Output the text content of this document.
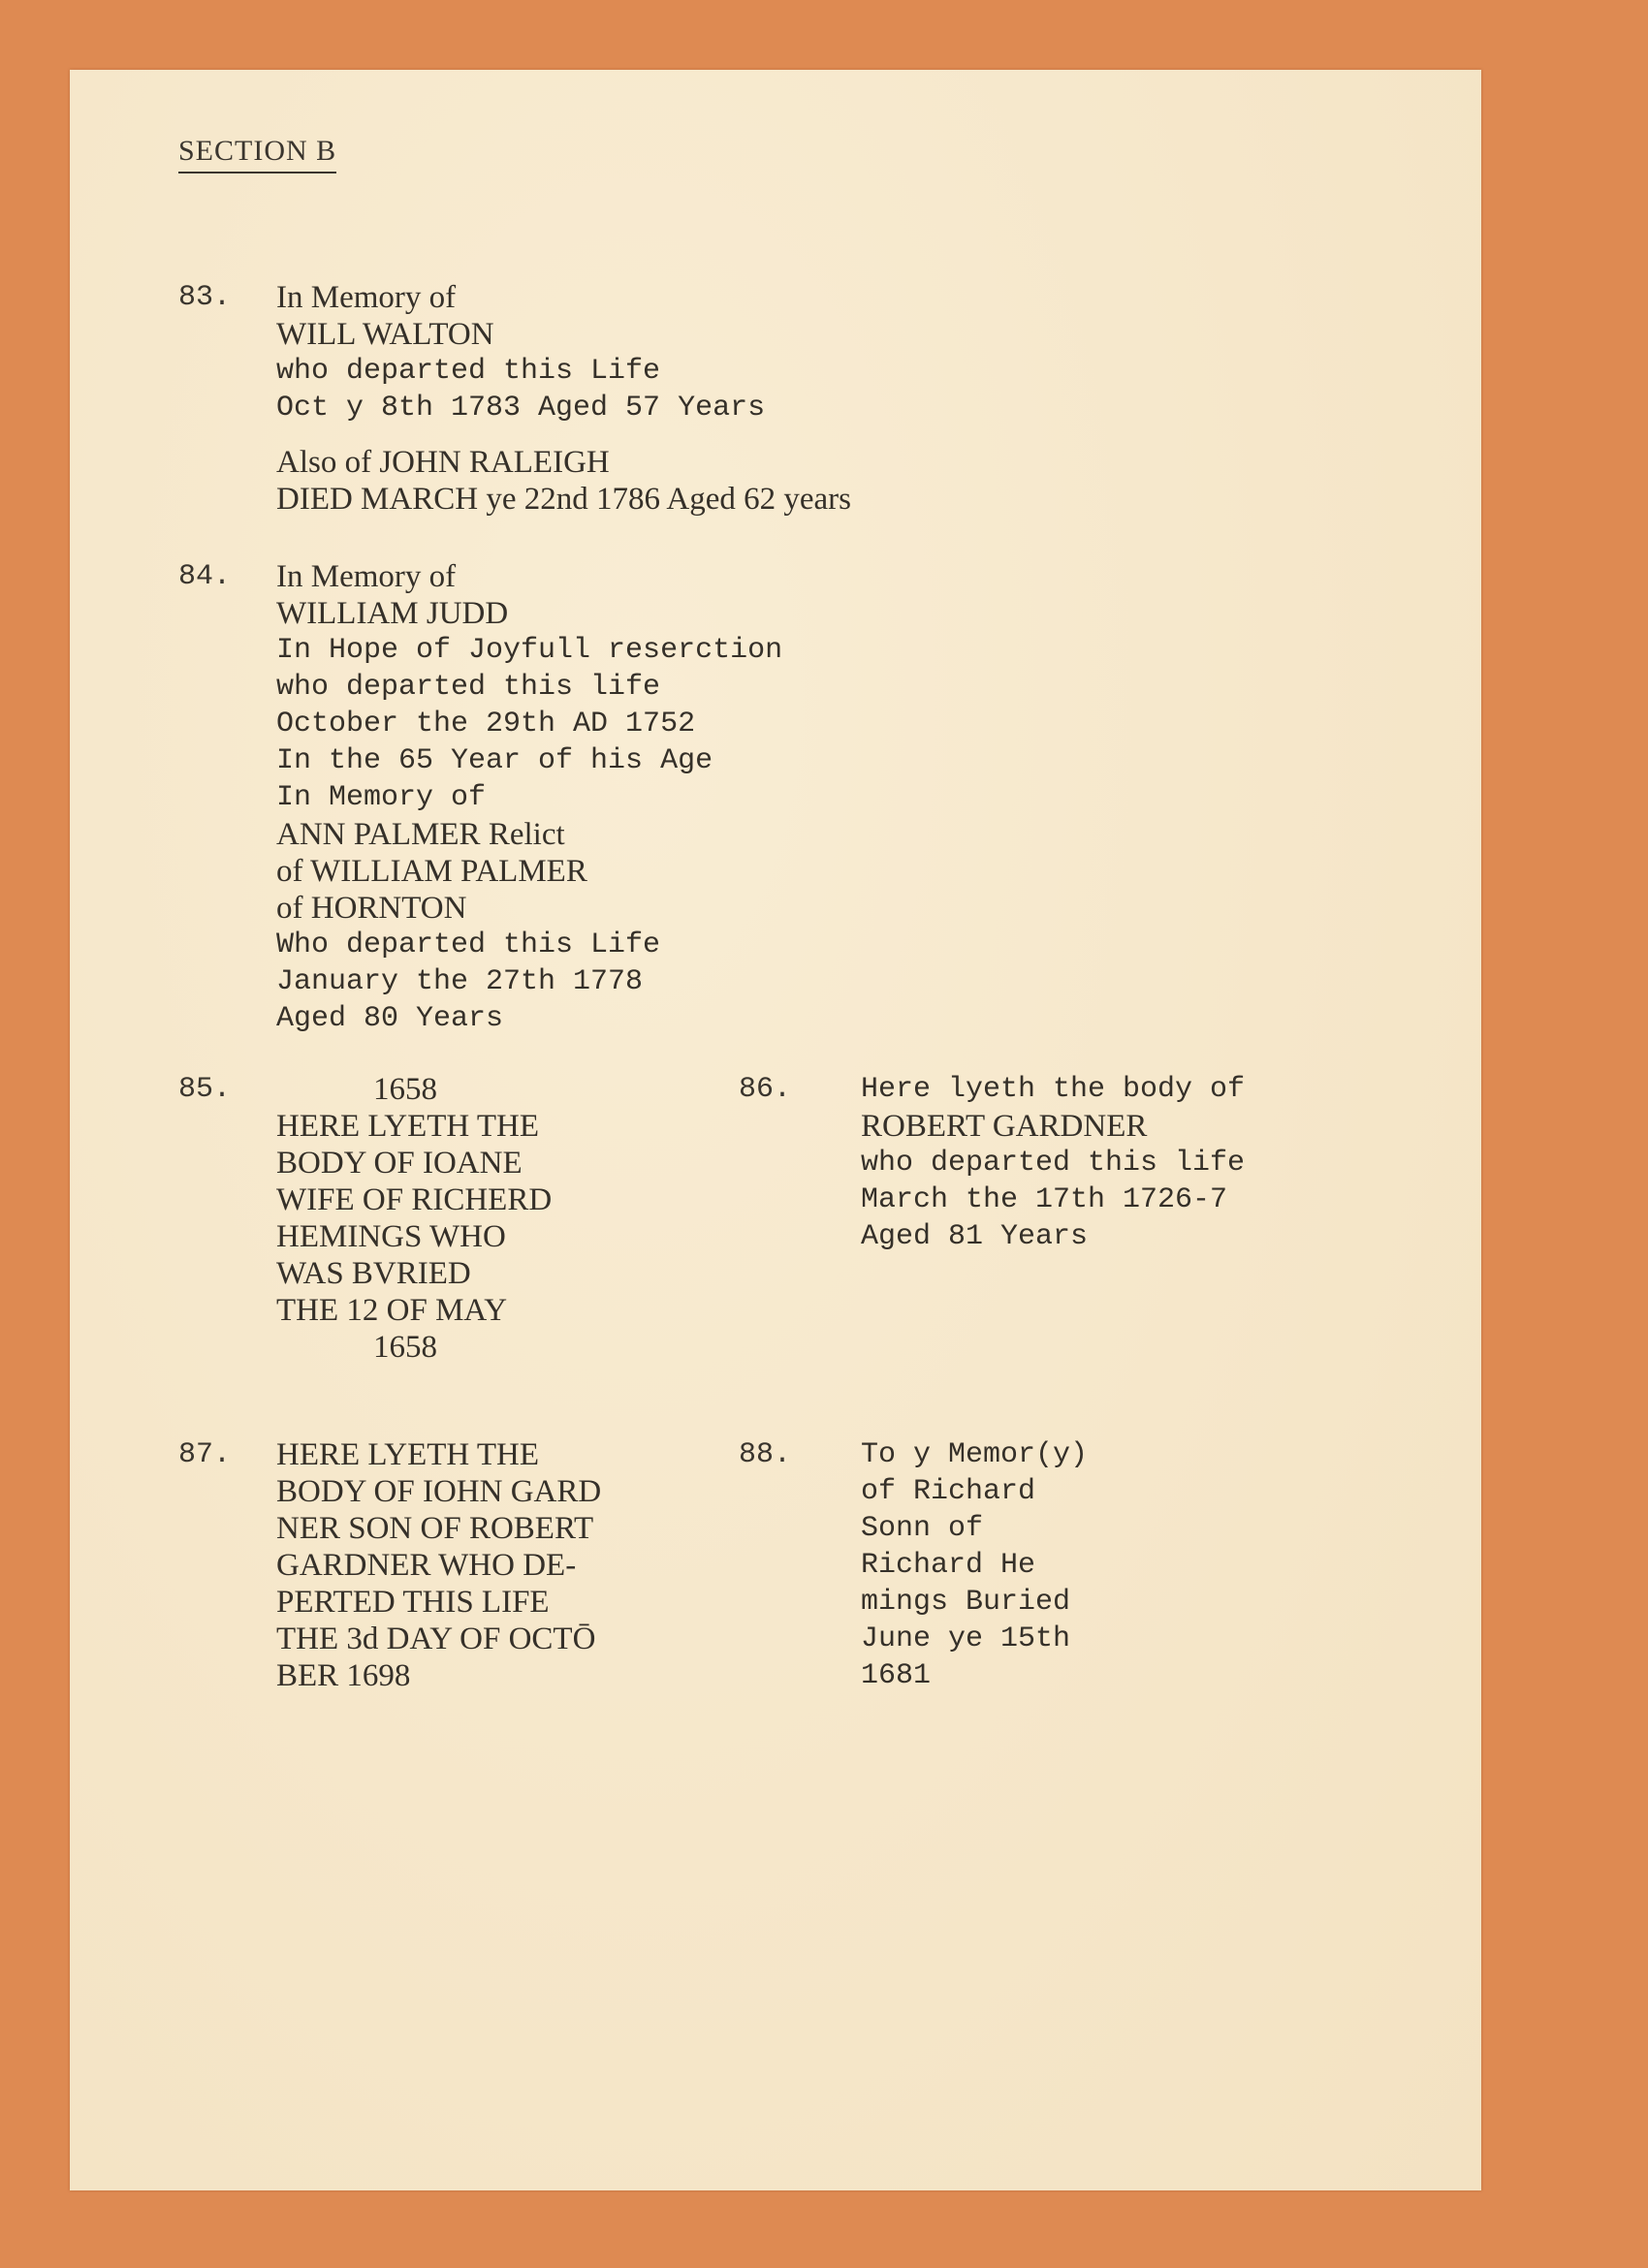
SECTION B
83. In Memory of
WILL WALTON
who departed this Life
Oct y 8th 1783 Aged 57 Years
Also of JOHN RALEIGH
DIED MARCH ye 22nd 1786 Aged 62 years
84. In Memory of
WILLIAM JUDD
In Hope of Joyfull reserction
who departed this life
October the 29th AD 1752
In the 65 Year of his Age
In Memory of
ANN PALMER Relict
of WILLIAM PALMER
of HORNTON
Who departed this Life
January the 27th 1778
Aged 80 Years
85.	1658
HERE LYETH THE
BODY OF IOANE
WIFE OF RICHERD
HEMINGS WHO
WAS BVRIED
THE 12 OF MAY
1658
86. Here lyeth the body of
ROBERT GARDNER
who departed this life
March the 17th 1726-7
Aged 81 Years
87. HERE LYETH THE
BODY OF IOHN GARD
NER SON OF ROBERT
GARDNER WHO DE-
PERTED THIS LIFE
THE 3d DAY OF OCTŌ
BER 1698
88. To y Memor(y)
of Richard
Sonn of
Richard He
mings Buried
June ye 15th
1681
